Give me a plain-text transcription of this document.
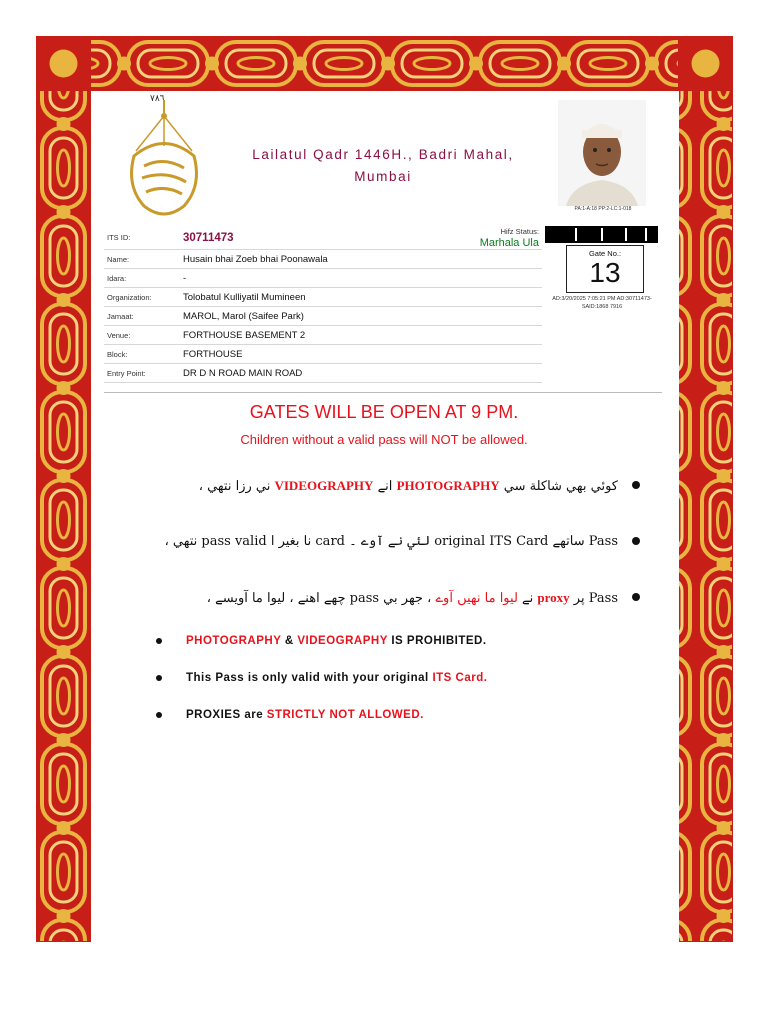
٧٨٦
Lailatul Qadr 1446H., Badri Mahal,
Mumbai
PA:1-A:18 PP:2-LC:1-018
ITS ID:	30711473	Hifz Status: Marhala Ula
Name:	Husain bhai Zoeb bhai Poonawala	
Idara:	-	
Organization:	Tolobatul Kulliyatil Mumineen	
Jamaat:	MAROL, Marol (Saifee Park)	
Venue:	FORTHOUSE BASEMENT 2	
Block:	FORTHOUSE	
Entry Point:	DR D N ROAD MAIN ROAD	
Gate No.:
13
AD:3/20/2025 7:05:21 PM AD:30711473-
SAID:1868 7916
GATES WILL BE OPEN AT 9 PM.
Children without a valid pass will NOT be allowed.
كوئي بھي شاكلة سي PHOTOGRAPHY انے VIDEOGRAPHY ني رزا نتھي ،
Pass ساتھے original ITS Card لئي نے آوے ۔ card نا بغير ا pass valid نتھي ،
Pass پر proxy نے ليوا ما نهيں آوے ، جهر بي pass چهے اهنے ، ليوا ما آويسے ،
PHOTOGRAPHY & VIDEOGRAPHY IS PROHIBITED.
This Pass is only valid with your original ITS Card.
PROXIES are STRICTLY NOT ALLOWED.
